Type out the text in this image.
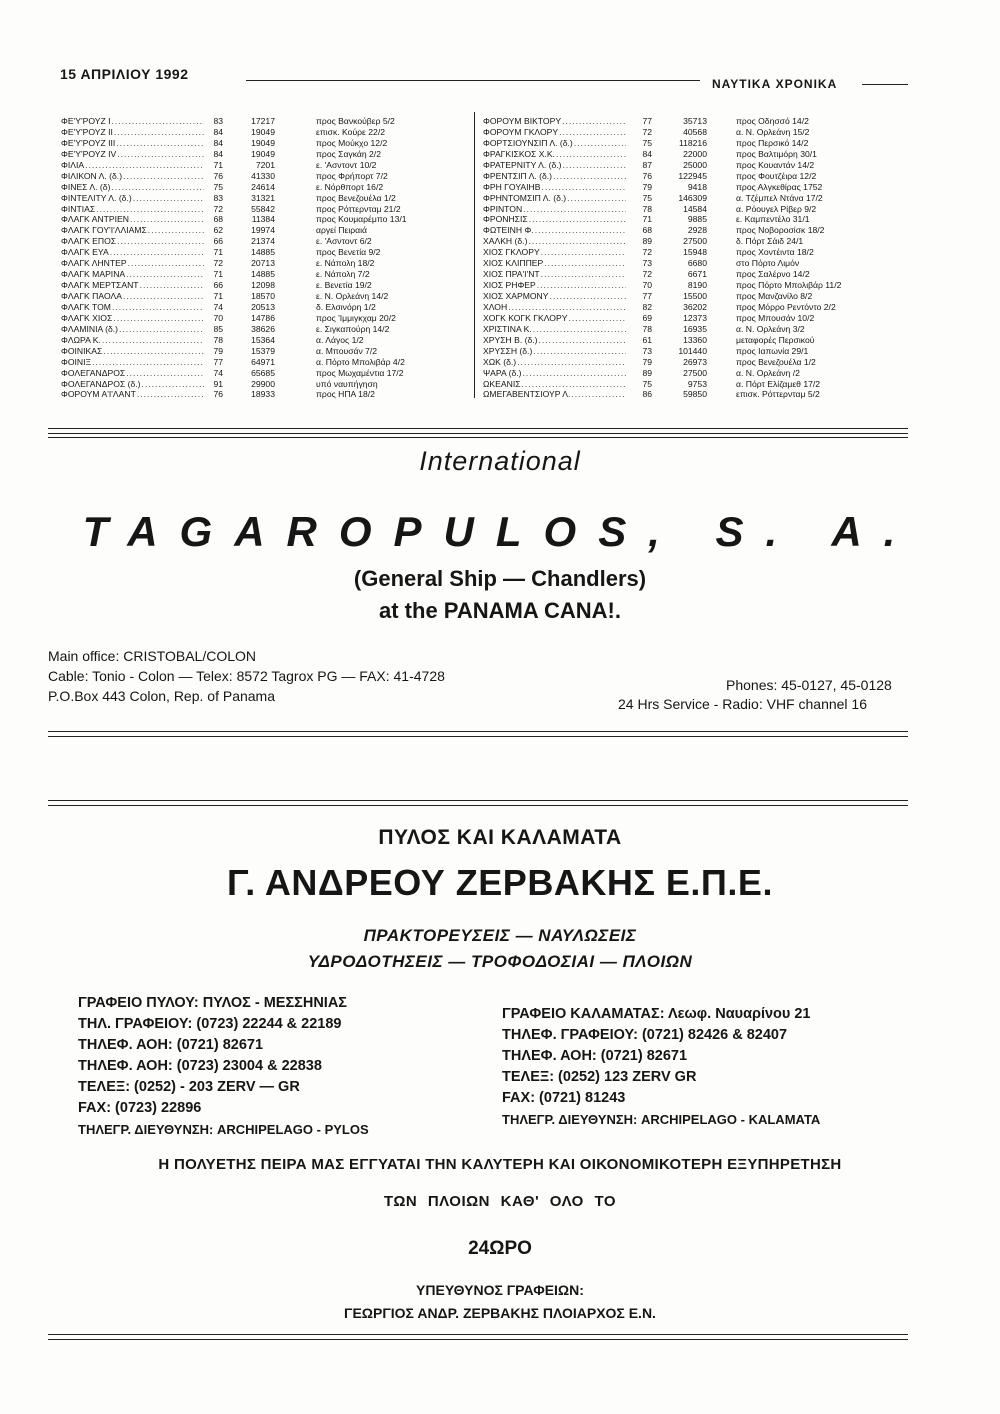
15 ΑΠΡΙΛΙΟΥ 1992
ΝΑΥΤΙΚΑ ΧΡΟΝΙΚΑ
ΦΕ'Υ'ΡΟΥΖ Ι .....	83	17217	προς Βανκούβερ 5/2
ΦΕ'Υ'ΡΟΥΖ ΙΙ .....	84	19049	επισκ. Κούρε 22/2
ΦΕ'Υ'ΡΟΥΖ ΙΙΙ .....	84	19049	προς Μούκχο 12/2
ΦΕ'Υ'ΡΟΥΖ ΙV .....	84	19049	προς Σαγκάη 2/2
ΦΙΛΙΑ .....	71	7201	ε. 'Ασντοντ 10/2
ΦΙΛΙΚΟΝ Λ. (δ.) .....	76	41330	προς Φρήπορτ 7/2
ΦΙΝΕΣ Λ. (δ) .....	75	24614	ε. Νόρθπορτ 16/2
ΦΙΝΤΕΛΙΤΥ Λ. (δ.) .....	83	31321	προς Βενεζουέλα 1/2
ΦΙΝΤΙΑΣ .....	72	55842	προς Ρόττερνταμ 21/2
ΦΛΑΓΚ ΑΝΤΡΙΕΝ .....	68	11384	προς Κουμαρέμπο 13/1
ΦΛΑΓΚ ΓΟΥ'Ι'ΛΛΙΑΜΣ .....	62	19974	αργεί Πειραιά
ΦΛΑΓΚ ΕΠΟΣ .....	66	21374	ε. 'Ασντοντ 6/2
ΦΛΑΓΚ ΕΥΑ .....	71	14885	προς Βενετία 9/2
ΦΛΑΓΚ ΛΗΝΤΕΡ .....	72	20713	ε. Νάπολη 18/2
ΦΛΑΓΚ ΜΑΡΙΝΑ .....	71	14885	ε. Νάπολη 7/2
ΦΛΑΓΚ ΜΕΡΤΣΑΝΤ .....	66	12098	ε. Βενετία 19/2
ΦΛΑΓΚ ΠΑΟΛΑ .....	71	18570	ε. Ν. Ορλεάνη 14/2
ΦΛΑΓΚ ΤΟΜ .....	74	20513	δ. Ελσινόρη 1/2
ΦΛΑΓΚ ΧΙΟΣ .....	70	14786	προς 'Ιμμιγκχαμ 20/2
ΦΛΑΜΙΝΙΑ (δ.) .....	85	38626	ε. Σιγκαπούρη 14/2
ΦΛΩΡΑ Κ. .....	78	15364	α. Λάγος 1/2
ΦΟΙΝΙΚΑΣ .....	79	15379	α. Μπουσάν 7/2
ΦΟΙΝΙΞ .....	77	64971	α. Πόρτο Μπολιβάρ 4/2
ΦΟΛΕΓΑΝΔΡΟΣ .....	74	65685	προς Μωχαμέντια 17/2
ΦΟΛΕΓΑΝΔΡΟΣ (δ.) .....	91	29900	υπό ναυπήγηση
ΦΟΡΟΥΜ Α'Ι'ΛΑΝΤ .....	76	18933	προς ΗΠΑ 18/2
ΦΟΡΟΥΜ ΒΙΚΤΟΡΥ .....	77	35713	προς Οδησσό 14/2
ΦΟΡΟΥΜ ΓΚΛΟΡΥ .....	72	40568	α. Ν. Ορλεάνη 15/2
ΦΟΡΤΣΙΟΥΝΣΙΠ Λ. (δ.) .....	75	118216	προς Περσικό 14/2
ΦΡΑΓΚΙΣΚΟΣ Χ.Κ. .....	84	22000	προς Βαλτιμόρη 30/1
ΦΡΑΤΕΡΝΙΤΥ Λ. (δ.) .....	87	25000	προς Κουαντάν 14/2
ΦΡΕΝΤΣΙΠ Λ. (δ.) .....	76	122945	προς Φουτζέιρα 12/2
ΦΡΗ ΓΟΥΑΙΗΒ .....	79	9418	προς Αλγκεθίρας 1752
ΦΡΗΝΤΟΜΣΙΠ Λ. (δ.) .....	75	146309	α. Τζέμπελ Ντάνα 17/2
ΦΡΙΝΤΟΝ .....	78	14584	α. Ρόουγελ Ρίβερ 9/2
ΦΡΟΝΗΣΙΣ .....	71	9885	ε. Καμπεντέλο 31/1
ΦΩΤΕΙΝΗ Φ. .....	68	2928	προς Νοβοροσίσκ 18/2
ΧΑΛΚΗ (δ.) .....	89	27500	δ. Πόρτ Σάιδ 24/1
ΧΙΟΣ ΓΚΛΟΡΥ .....	72	15948	προς Χοντέιντα 18/2
ΧΙΟΣ ΚΛΙΠΠΕΡ .....	73	6680	στο Πόρτο Λιμόν
ΧΙΟΣ ΠΡΑ'Ι'ΝΤ .....	72	6671	προς Σαλέρνο 14/2
ΧΙΟΣ ΡΗΦΕΡ .....	70	8190	προς Πόρτο Μπολιβάρ 11/2
ΧΙΟΣ ΧΑΡΜΟΝΥ .....	77	15500	προς Μανζανίλο 8/2
ΧΛΟΗ .....	82	36202	προς Μόρρο Ρεντόντο 2/2
ΧΟΓΚ ΚΟΓΚ ΓΚΛΟΡΥ .....	69	12373	προς Μπουσάν 10/2
ΧΡΙΣΤΙΝΑ Κ. .....	78	16935	α. Ν. Ορλεάνη 3/2
ΧΡΥΣΗ Β. (δ.) .....	61	13360	μεταφορές Περσικού
ΧΡΥΣΣΗ (δ.) .....	73	101440	προς Ιαπωνία 29/1
ΧΩΚ (δ.) .....	79	26973	προς Βενεζουέλα 1/2
ΨΑΡΑ (δ.) .....	89	27500	α. Ν. Ορλεάνη /2
ΩΚΕΑΝΙΣ .....	75	9753	α. Πόρτ Ελίζαμεθ 17/2
ΩΜΕΓΑΒΕΝΤΣΙΟΥΡ Λ. .....	86	59850	επισκ. Ρόττερνταμ 5/2
International
TAGAROPULOS, S. A.
(General Ship — Chandlers)
at the PANAMA CANA!.
Main office: CRISTOBAL/COLON
Cable: Tonio - Colon — Telex: 8572 Tagrox PG — FAX: 41-4728
P.O.Box 443 Colon, Rep. of Panama
Phones: 45-0127, 45-0128
24 Hrs Service - Radio: VHF channel 16
ΠΥΛΟΣ ΚΑΙ ΚΑΛΑΜΑΤΑ
Γ. ΑΝΔΡΕΟΥ ΖΕΡΒΑΚΗΣ Ε.Π.Ε.
ΠΡΑΚΤΟΡΕΥΣΕΙΣ — ΝΑΥΛΩΣΕΙΣ
ΥΔΡΟΔΟΤΗΣΕΙΣ — ΤΡΟΦΟΔΟΣΙΑΙ — ΠΛΟΙΩΝ
ΓΡΑΦΕΙΟ ΠΥΛΟΥ: ΠΥΛΟΣ - ΜΕΣΣΗΝΙΑΣ
ΤΗΛ. ΓΡΑΦΕΙΟΥ: (0723) 22244 & 22189
ΤΗΛΕΦ. ΑΟΗ: (0721) 82671
ΤΗΛΕΦ. ΑΟΗ: (0723) 23004 & 22838
ΤΕΛΕΞ: (0252) - 203 ZERV — GR
FAX: (0723) 22896
ΤΗΛΕΓΡ. ΔΙΕΥΘΥΝΣΗ: ARCHIPELAGO - PYLOS
ΓΡΑΦΕΙΟ ΚΑΛΑΜΑΤΑΣ: Λεωφ. Ναυαρίνου 21
ΤΗΛΕΦ. ΓΡΑΦΕΙΟΥ: (0721) 82426 & 82407
ΤΗΛΕΦ. ΑΟΗ: (0721) 82671
ΤΕΛΕΞ: (0252) 123 ZERV GR
FAX: (0721) 81243
ΤΗΛΕΓΡ. ΔΙΕΥΘΥΝΣΗ: ARCHIPELAGO - KALAMATA
Η ΠΟΛΥΕΤΗΣ ΠΕΙΡΑ ΜΑΣ ΕΓΓΥΑΤΑΙ ΤΗΝ ΚΑΛΥΤΕΡΗ ΚΑΙ ΟΙΚΟΝΟΜΙΚΟΤΕΡΗ ΕΞΥΠΗΡΕΤΗΣΗ
ΤΩΝ ΠΛΟΙΩΝ ΚΑΘ' ΟΛΟ ΤΟ
24ΩΡΟ
ΥΠΕΥΘΥΝΟΣ ΓΡΑΦΕΙΩΝ:
ΓΕΩΡΓΙΟΣ ΑΝΔΡ. ΖΕΡΒΑΚΗΣ ΠΛΟΙΑΡΧΟΣ Ε.Ν.
